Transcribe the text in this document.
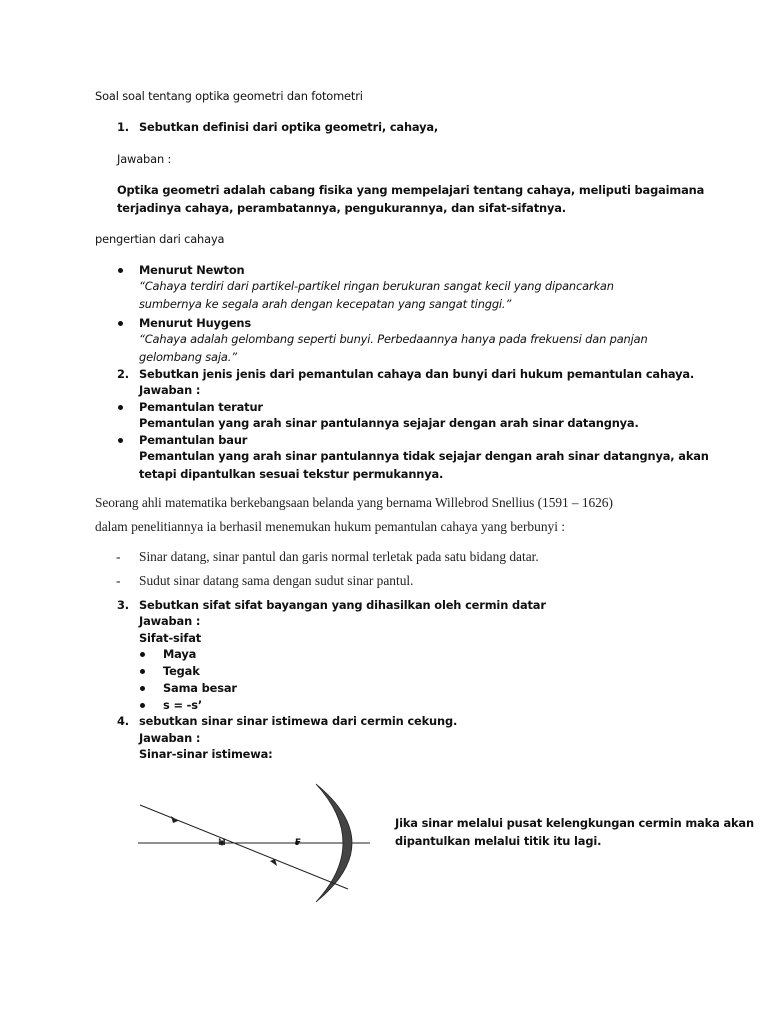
Soal soal tentang optika geometri dan fotometri
1. Sebutkan definisi dari optika geometri, cahaya,
Jawaban :
Optika geometri adalah cabang fisika yang mempelajari tentang cahaya, meliputi bagaimana
terjadinya cahaya, perambatannya, pengukurannya, dan sifat-sifatnya.
pengertian dari cahaya
Menurut Newton
“Cahaya terdiri dari partikel-partikel ringan berukuran sangat kecil yang dipancarkan
sumbernya ke segala arah dengan kecepatan yang sangat tinggi.”
Menurut Huygens
“Cahaya adalah gelombang seperti bunyi. Perbedaannya hanya pada frekuensi dan panjan
gelombang saja.”
2. Sebutkan jenis jenis dari pemantulan cahaya dan bunyi dari hukum pemantulan cahaya.
Jawaban :
Pemantulan teratur
Pemantulan yang arah sinar pantulannya sejajar dengan arah sinar datangnya.
Pemantulan baur
Pemantulan yang arah sinar pantulannya tidak sejajar dengan arah sinar datangnya, akan
tetapi dipantulkan sesuai tekstur permukannya.
Seorang ahli matematika berkebangsaan belanda yang bernama Willebrod Snellius (1591 – 1626)
dalam penelitiannya ia berhasil menemukan hukum pemantulan cahaya yang berbunyi :
- Sinar datang, sinar pantul dan garis normal terletak pada satu bidang datar.
- Sudut sinar datang sama dengan sudut sinar pantul.
3. Sebutkan sifat sifat bayangan yang dihasilkan oleh cermin datar
Jawaban :
Sifat-sifat
Maya
Tegak
Sama besar
s = -s’
4. sebutkan sinar sinar istimewa dari cermin cekung.
Jawaban :
Sinar-sinar istimewa:
M	F
Jika sinar melalui pusat kelengkungan cermin maka akan
dipantulkan melalui titik itu lagi.
